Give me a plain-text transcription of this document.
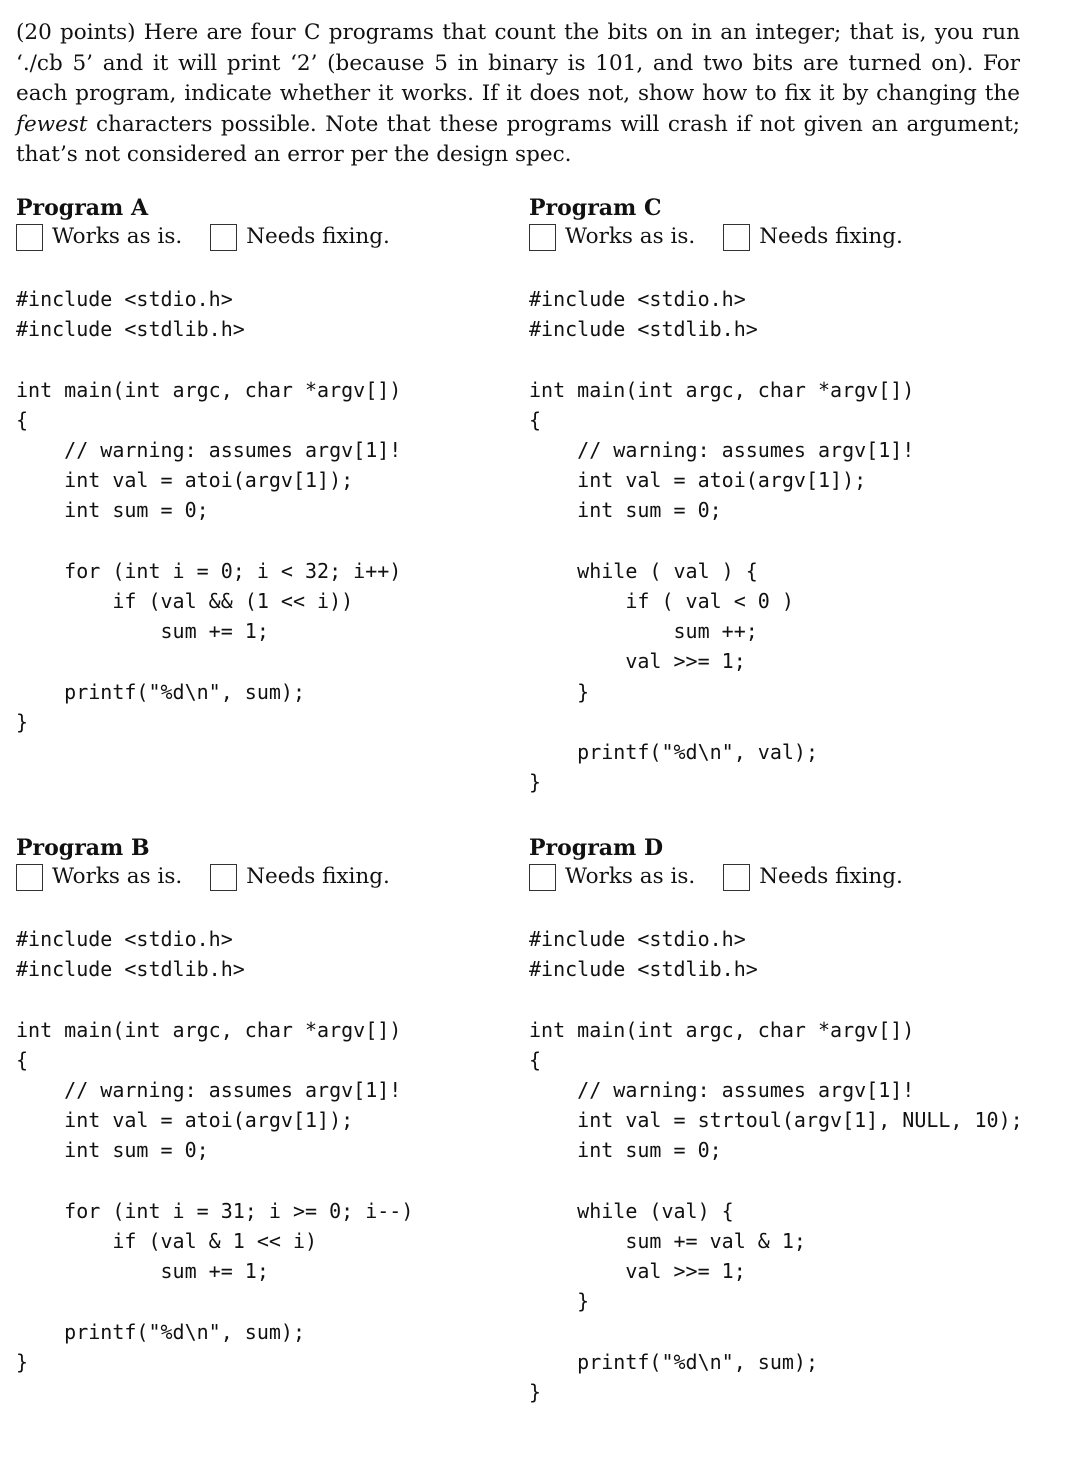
(20 points) Here are four C programs that count the bits on in an integer; that is, you run ‘./cb 5’ and it will print ‘2’ (because 5 in binary is 101, and two bits are turned on). For each program, indicate whether it works. If it does not, show how to fix it by changing the fewest characters possible. Note that these programs will crash if not given an argument; that’s not considered an error per the design spec.
Program A
Works as is.	Needs fixing.
#include <stdio.h>
#include <stdlib.h>

int main(int argc, char *argv[])
{
// warning: assumes argv[1]!
int val = atoi(argv[1]);
int sum = 0;

for (int i = 0; i < 32; i++)
if (val && (1 << i))
sum += 1;

printf("%d\n", sum);
}
Program C
Works as is.	Needs fixing.
#include <stdio.h>
#include <stdlib.h>

int main(int argc, char *argv[])
{
// warning: assumes argv[1]!
int val = atoi(argv[1]);
int sum = 0;

while ( val ) {
if ( val < 0 )
sum ++;
val >>= 1;
}

printf("%d\n", val);
}
Program B
Works as is.	Needs fixing.
#include <stdio.h>
#include <stdlib.h>

int main(int argc, char *argv[])
{
// warning: assumes argv[1]!
int val = atoi(argv[1]);
int sum = 0;

for (int i = 31; i >= 0; i--)
if (val & 1 << i)
sum += 1;

printf("%d\n", sum);
}
Program D
Works as is.	Needs fixing.
#include <stdio.h>
#include <stdlib.h>

int main(int argc, char *argv[])
{
// warning: assumes argv[1]!
int val = strtoul(argv[1], NULL, 10);
int sum = 0;

while (val) {
sum += val & 1;
val >>= 1;
}

printf("%d\n", sum);
}
